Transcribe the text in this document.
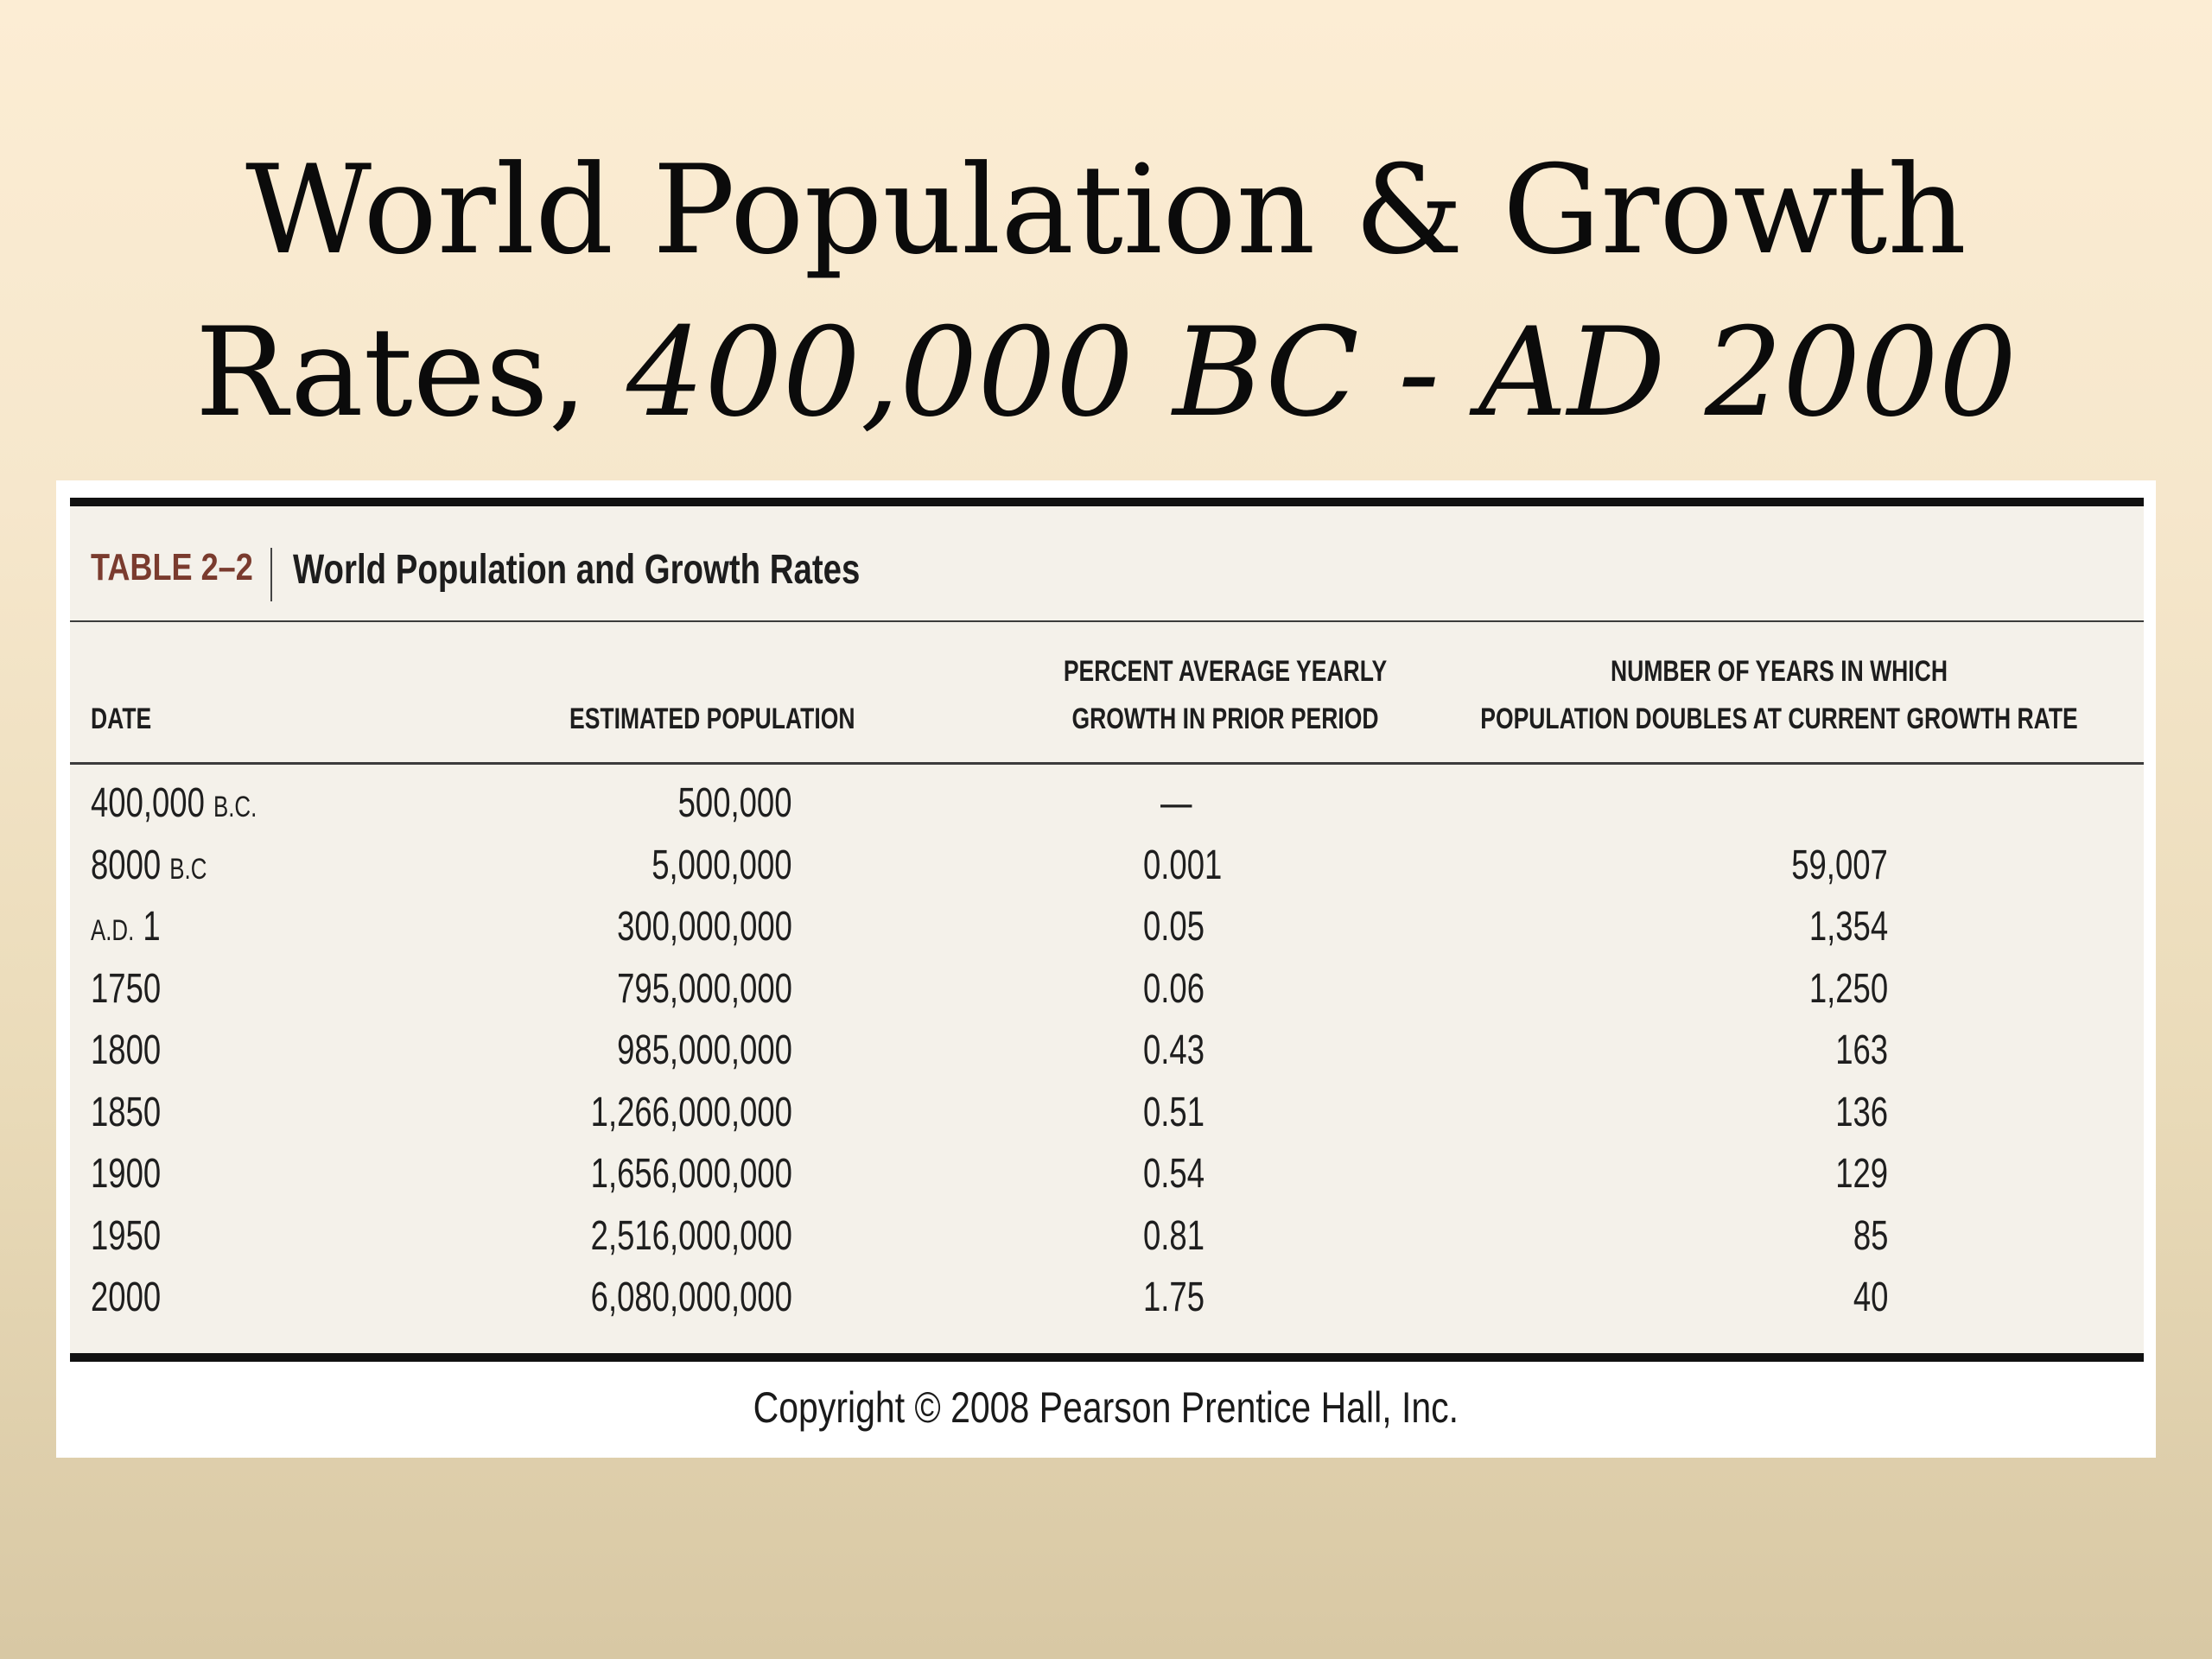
World Population & Growth
Rates, 400,000 BC - AD 2000
TABLE 2–2 World Population and Growth Rates
DATE	ESTIMATED POPULATION
PERCENT AVERAGE YEARLY
GROWTH IN PRIOR PERIOD
NUMBER OF YEARS IN WHICH
POPULATION DOUBLES AT CURRENT GROWTH RATE
400,000 B.C.	500,000	—
8000 B.C	5,000,000	0.001	59,007
A.D. 1	300,000,000	0.05	1,354
1750	795,000,000	0.06	1,250
1800	985,000,000	0.43	163
1850	1,266,000,000	0.51	136
1900	1,656,000,000	0.54	129
1950	2,516,000,000	0.81	85
2000	6,080,000,000	1.75	40
Copyright © 2008 Pearson Prentice Hall, Inc.
